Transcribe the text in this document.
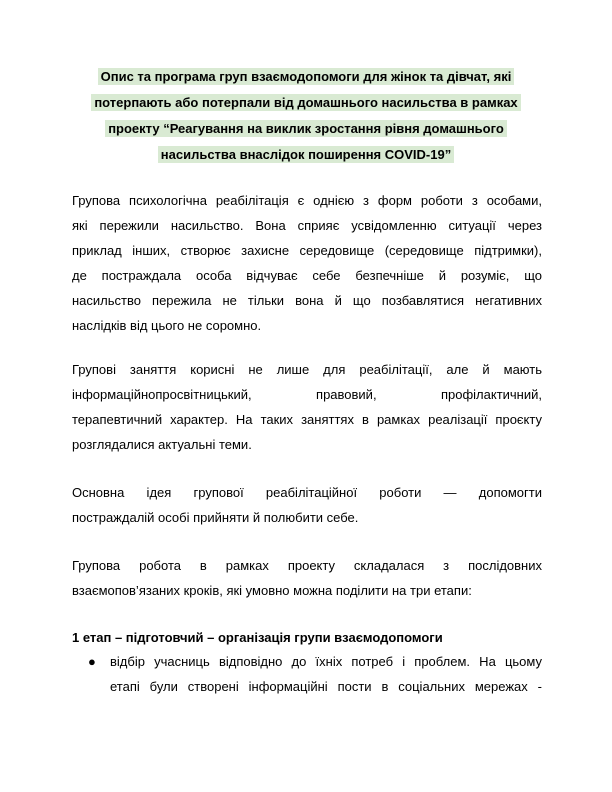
Опис та програма груп взаємодопомоги для жінок та дівчат, які
потерпають або потерпали від домашнього насильства в рамках
проекту “Реагування на виклик зростання рівня домашнього
насильства внаслідок поширення COVID-19”
Групова психологічна реабілітація є однією з форм роботи з особами,
які пережили насильство. Вона сприяє усвідомленню ситуації через
приклад інших, створює захисне середовище (середовище підтримки),
де постраждала особа відчуває себе безпечніше й розуміє, що
насильство пережила не тільки вона й що позбавлятися негативних
наслідків від цього не соромно.
Групові заняття корисні не лише для реабілітації, але й мають
інформаційнопросвітницький, правовий, профілактичний,
терапевтичний характер. На таких заняттях в рамках реалізації проєкту
розглядалися актуальні теми.
Основна ідея групової реабілітаційної роботи — допомогти
постраждалій особі прийняти й полюбити себе.
Групова робота в рамках проекту складалася з послідовних
взаємопов’язаних кроків, які умовно можна поділити на три етапи:
1 етап – підготовчий – організація групи взаємодопомоги
● відбір учасниць відповідно до їхніх потреб і проблем. На цьому
етапі були створені інформаційні пости в соціальних мережах -
